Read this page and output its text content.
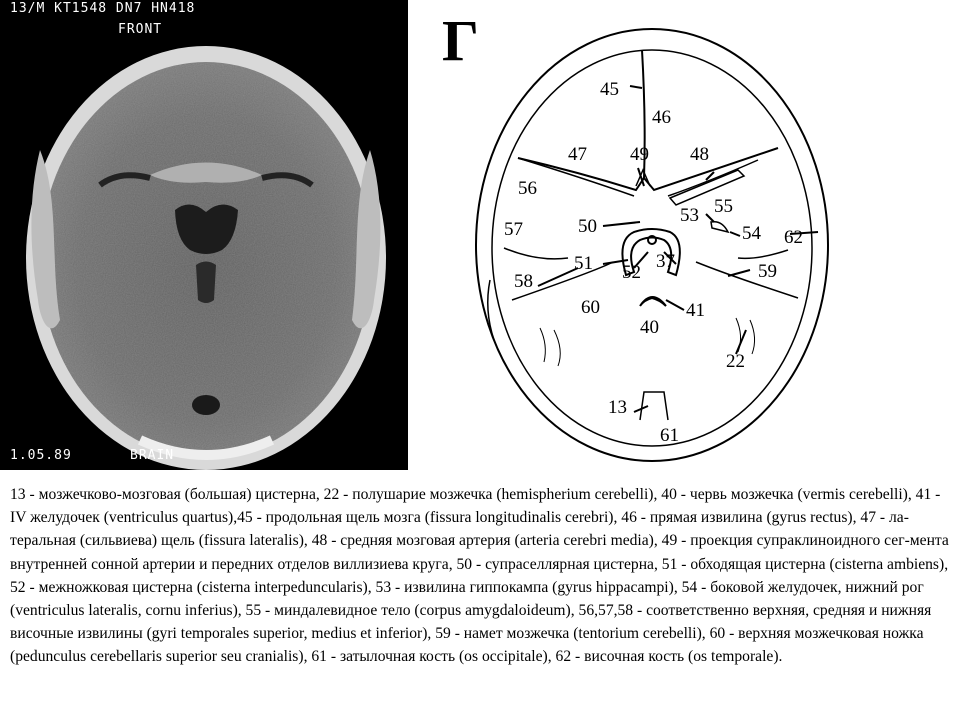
13/M KT1548 DN7 HN418
FRONT
1.05.89	BRAIN
Г
45
46
47 49 48
56
57	50
53 55
54 62
51 52
37
58	59
60	41
40
22
13
61

13 - мозжечково-мозговая (большая) цистерна, 22 - полушарие мозжечка (hemispherium cerebelli), 40 - червь мозжечка (vermis cerebelli), 41 - IV желудочек (ventriculus quartus),45 - продольная щель мозга (fissura longitudinalis cerebri), 46 - прямая извилина (gyrus rectus), 47 - ла-теральная (сильвиева) щель (fissura lateralis), 48 - средняя мозговая артерия (arteria cerebri media), 49 - проекция супраклиноидного сег-мента внутренней сонной артерии и передних отделов виллизиева круга, 50 - супраселлярная цистерна, 51 - обходящая цистерна (cisterna ambiens), 52 - межножковая цистерна (cisterna interpeduncularis), 53 - извилина гиппокампа (gyrus hippacampi), 54 - боковой желудочек, нижний рог (ventriculus lateralis, cornu inferius), 55 - миндалевидное тело (corpus amygdaloideum), 56,57,58 - соответственно верхняя, средняя и нижняя височные извилины (gyri temporales superior, medius et inferior), 59 - намет мозжечка (tentorium cerebelli), 60 - верхняя мозжечковая ножка (pedunculus cerebellaris superior seu cranialis), 61 - затылочная кость (os occipitale), 62 - височная кость (os temporale).
